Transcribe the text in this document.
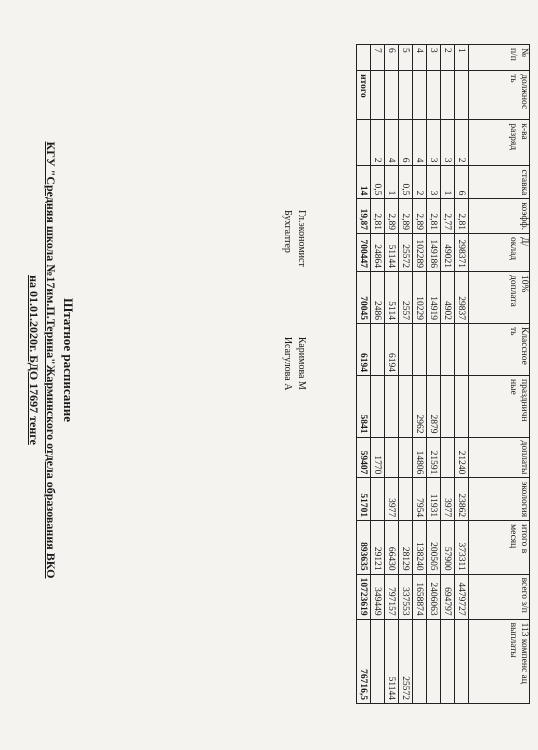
№ п/п	должнос ть	к-ва разряд	ставка	коэфф.	Д/оклад	10% доплата	Классное ть	праздничн ные	доплаты	экология	итого в месяц	всего з/п	113 компенс ац выплаты
1		2	6	2,81	298371	29837			21240	23862	373311	4479727	
2		3	1	2,77	49021	4902				3977	57900	694797	
3		3	3	2,81	149186	14919		2879	21591	11931	200505	2406063	
4		4	2	2,89	102289	10229		2962	14806	7954	138240	1658874	
5		6	0,5	2,89	25572	2557					28129	337553	25572
6		4	1	2,89	51144	5114	6194			3977	66430	797157	51144
7		2	0,5	2,81	24864	2486			1770		29121	349449	
	итого		14	19,87	700447	70045	6194	5841	59407	51701	893635	10723619	76716,5
Гл.экономист
Бухгалтер
Каримова М
Исагулова А
Штатное расписание
КГУ "Средняя школа №17им.П.Терина"Жарминского отдела образования ВКО
на 01.01.2020г. БДО 17697 тенге
